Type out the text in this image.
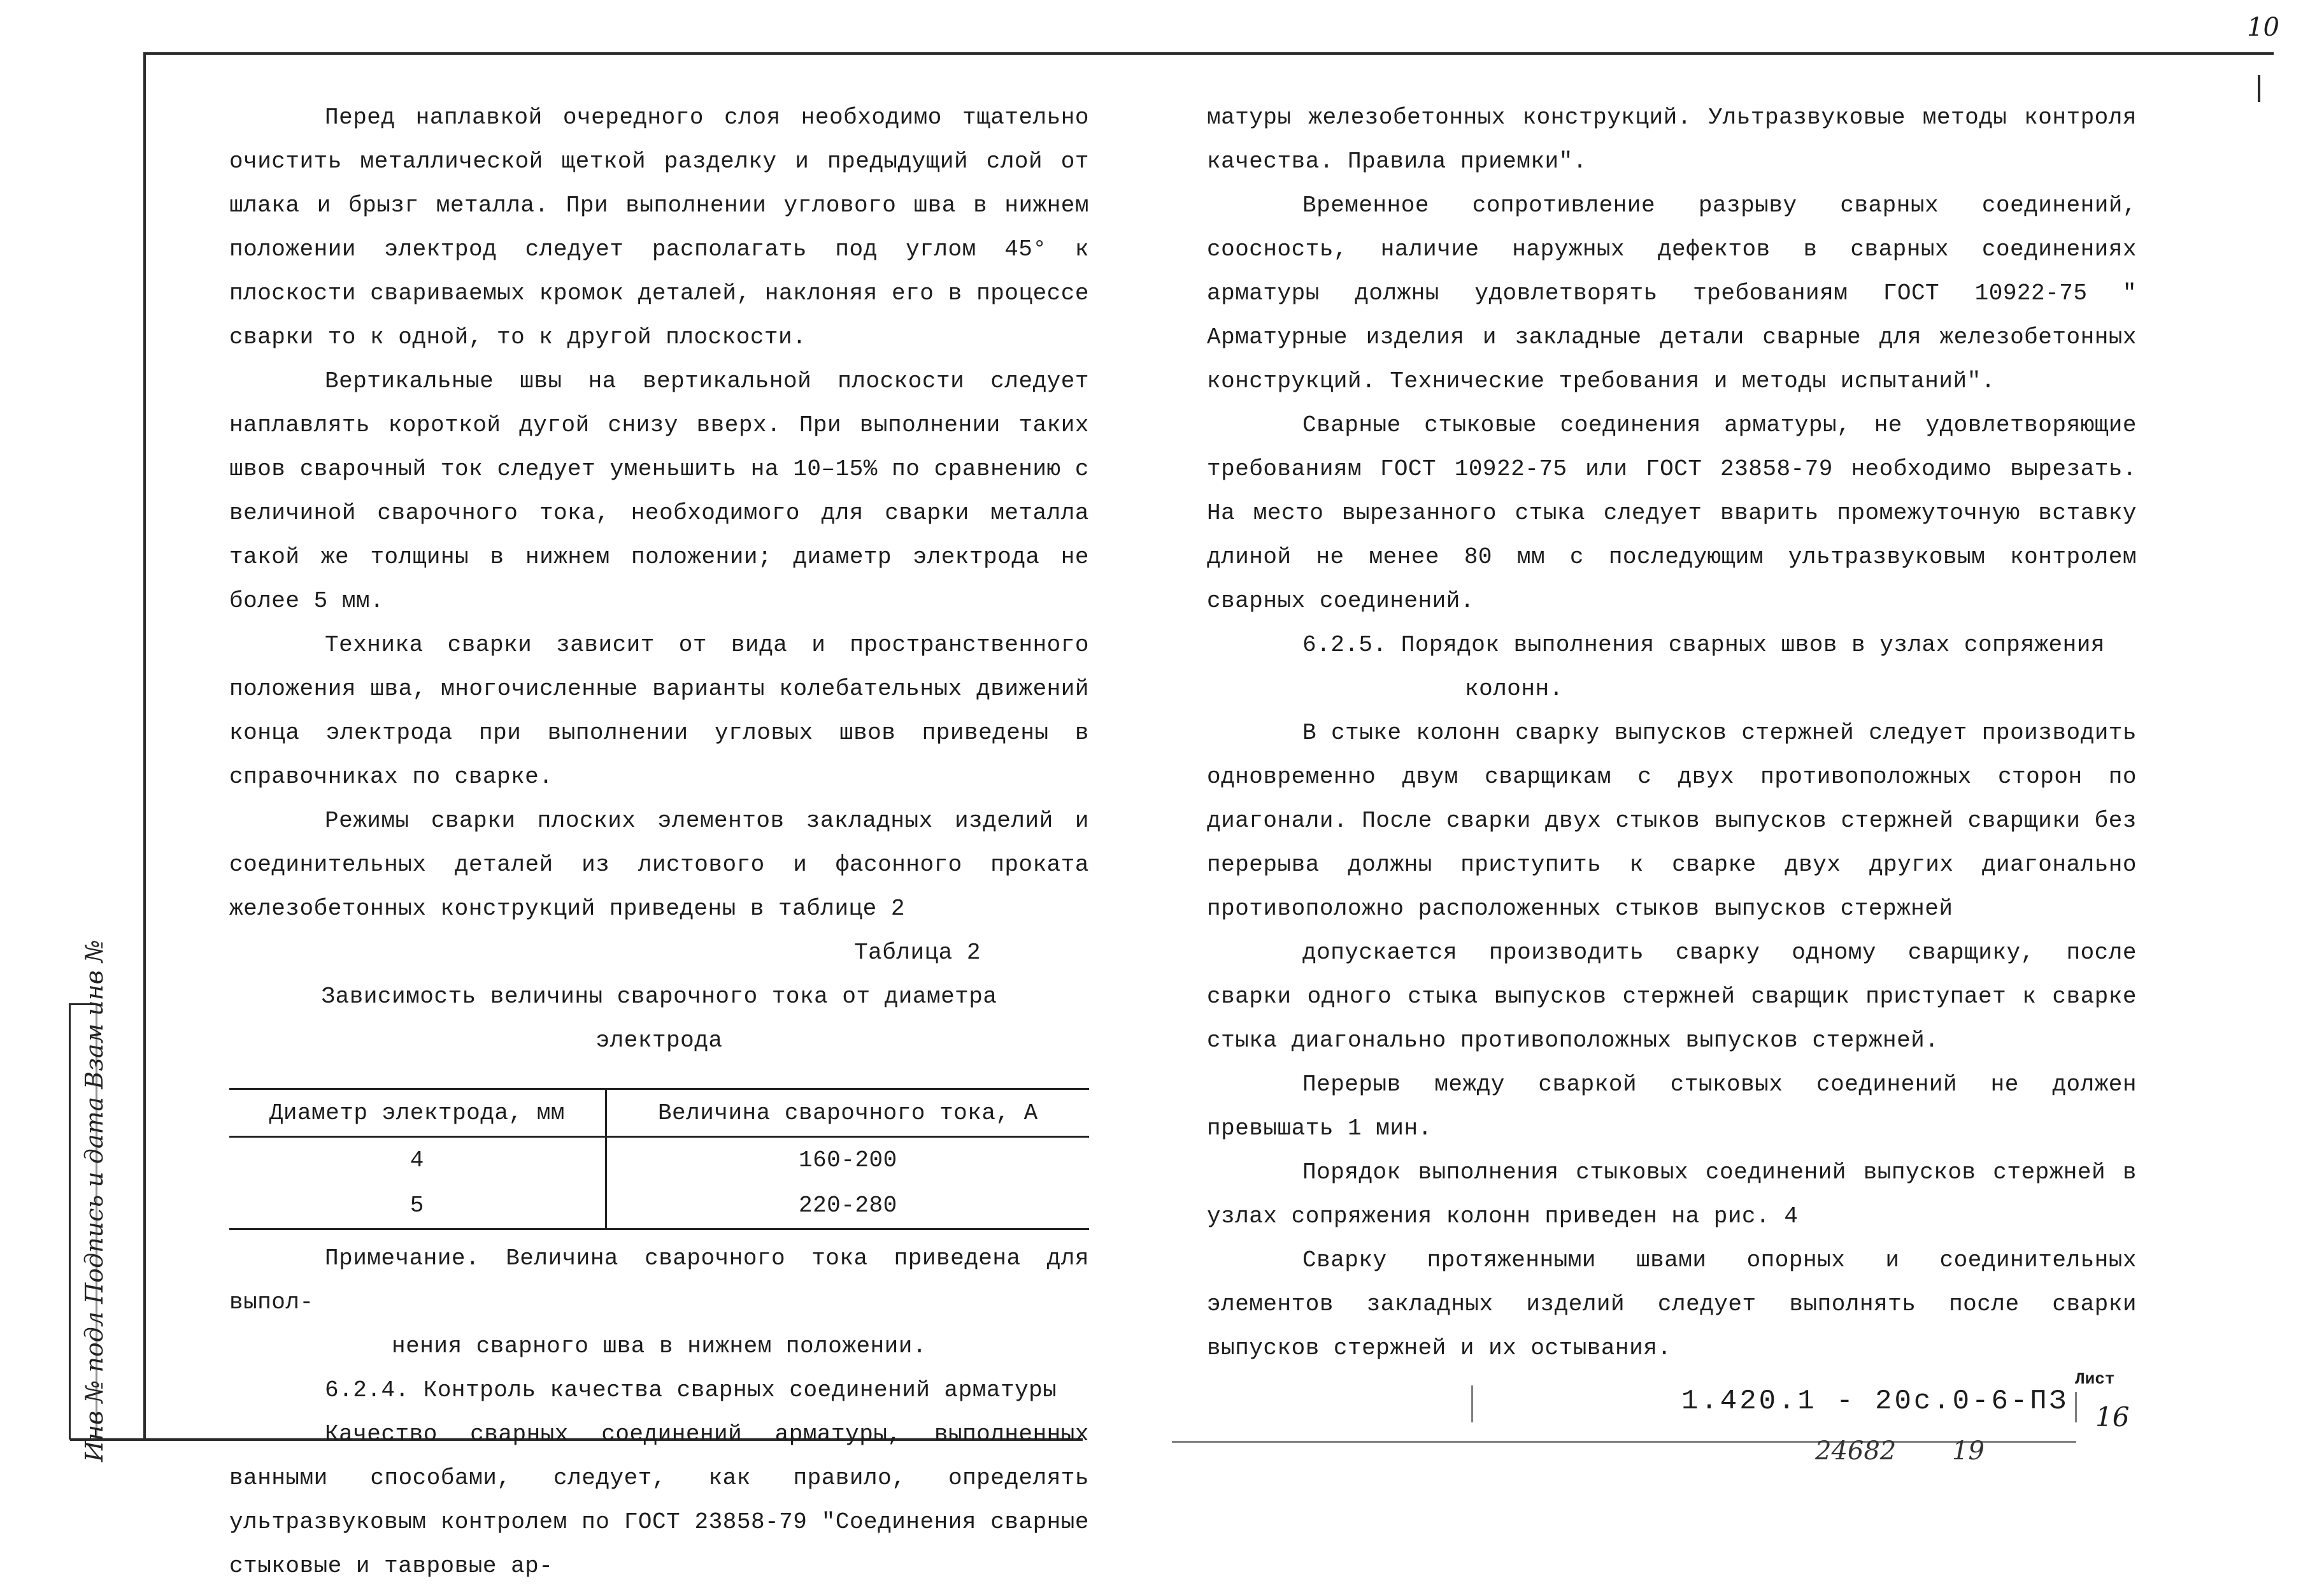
10
Инв № подл Подпись и дата Взам инв №

Перед наплавкой очередного слоя необходимо тщательно очистить металлической щеткой разделку и предыдущий слой от шлака и брызг металла. При выполнении углового шва в нижнем положении электрод следует располагать под углом 45° к плоскости свариваемых кромок деталей, наклоняя его в процессе сварки то к одной, то к другой плоскости.

Вертикальные швы на вертикальной плоскости следует наплавлять короткой дугой снизу вверх. При выполнении таких швов сварочный ток следует уменьшить на 10–15% по сравнению с величиной сварочного тока, необходимого для сварки металла такой же толщины в нижнем положении; диаметр электрода не более 5 мм.

Техника сварки зависит от вида и пространственного положения шва, многочисленные варианты колебательных движений конца электрода при выполнении угловых швов приведены в справочниках по сварке.

Режимы сварки плоских элементов закладных изделий и соединительных деталей из листового и фасонного проката железобетонных конструкций приведены в таблице 2

Таблица 2

Зависимость величины сварочного тока от диаметра

электрода

Диаметр электрода, мм	Величина сварочного тока, А
4	160-200
5	220-280

Примечание. Величина сварочного тока приведена для выпол-

нения сварного шва в нижнем положении.

6.2.4. Контроль качества сварных соединений арматуры

Качество сварных соединений арматуры, выполненных ванными способами, следует, как правило, определять ультразвуковым контролем по ГОСТ 23858-79 "Соединения сварные стыковые и тавровые ар-

матуры железобетонных конструкций. Ультразвуковые методы контроля качества. Правила приемки".

Временное сопротивление разрыву сварных соединений, соосность, наличие наружных дефектов в сварных соединениях арматуры должны удовлетворять требованиям ГОСТ 10922-75 " Арматурные изделия и закладные детали сварные для железобетонных конструкций. Технические требования и методы испытаний".

Сварные стыковые соединения арматуры, не удовлетворяющие требованиям ГОСТ 10922-75 или ГОСТ 23858-79 необходимо вырезать. На место вырезанного стыка следует вварить промежуточную вставку длиной не менее 80 мм с последующим ультразвуковым контролем сварных соединений.

6.2.5. Порядок выполнения сварных швов в узлах сопряжения

колонн.

В стыке колонн сварку выпусков стержней следует производить одновременно двум сварщикам с двух противоположных сторон по диагонали. После сварки двух стыков выпусков стержней сварщики без перерыва должны приступить к сварке двух других диагонально противоположно расположенных стыков выпусков стержней

допускается производить сварку одному сварщику, после сварки одного стыка выпусков стержней сварщик приступает к сварке стыка диагонально противоположных выпусков стержней.

Перерыв между сваркой стыковых соединений не должен превышать 1 мин.

Порядок выполнения стыковых соединений выпусков стержней в узлах сопряжения колонн приведен на рис. 4

Сварку протяженными швами опорных и соединительных элементов закладных изделий следует выполнять после сварки выпусков стержней и их остывания.

1.420.1 - 20с.0-6-ПЗ
Лист
16
24682 19
